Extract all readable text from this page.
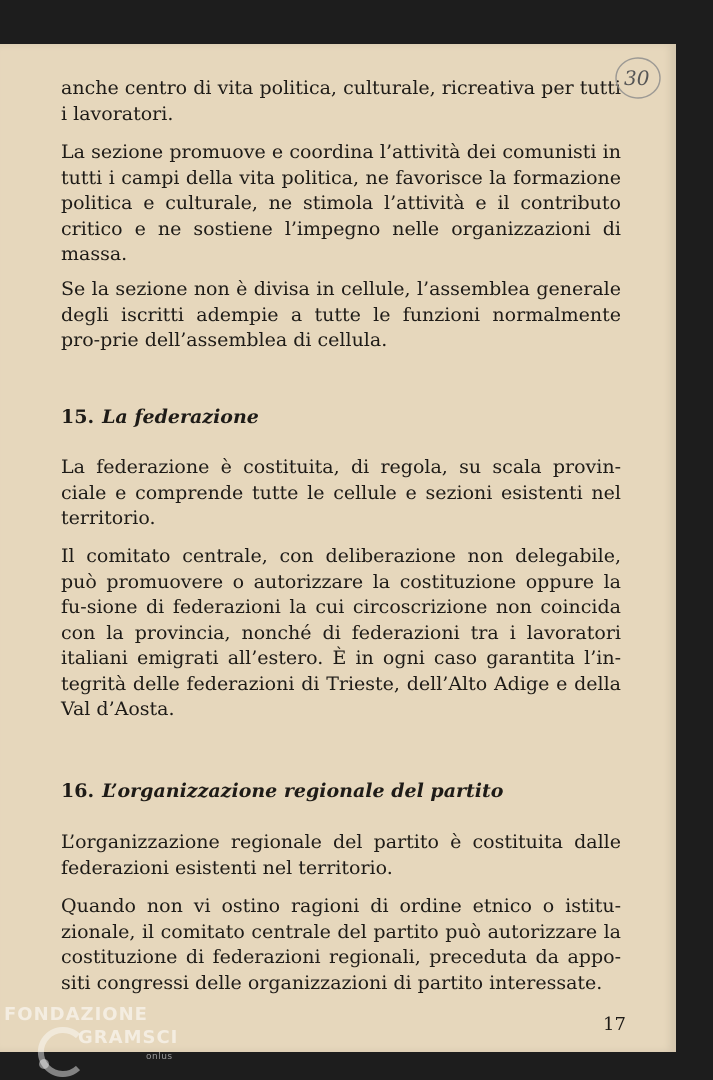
anche centro di vita politica, culturale, ricreativa per tutti i lavoratori.

La sezione promuove e coordina l’attività dei comunisti in tutti i campi della vita politica, ne favorisce la formazione politica e culturale, ne stimola l’attività e il contributo critico e ne sostiene l’impegno nelle organizzazioni di massa.

Se la sezione non è divisa in cellule, l’assemblea generale degli iscritti adempie a tutte le funzioni normalmente pro-prie dell’assemblea di cellula.

15. La federazione

La federazione è costituita, di regola, su scala provin-ciale e comprende tutte le cellule e sezioni esistenti nel territorio.

Il comitato centrale, con deliberazione non delegabile, può promuovere o autorizzare la costituzione oppure la fu-sione di federazioni la cui circoscrizione non coincida con la provincia, nonché di federazioni tra i lavoratori italiani emigrati all’estero. È in ogni caso garantita l’in-tegrità delle federazioni di Trieste, dell’Alto Adige e della Val d’Aosta.

16. L’organizzazione regionale del partito

L’organizzazione regionale del partito è costituita dalle federazioni esistenti nel territorio.

Quando non vi ostino ragioni di ordine etnico o istitu-zionale, il comitato centrale del partito può autorizzare la costituzione di federazioni regionali, preceduta da appo-siti congressi delle organizzazioni di partito interessate.

17
30
FONDAZIONE
GRAMSCI
onlus
